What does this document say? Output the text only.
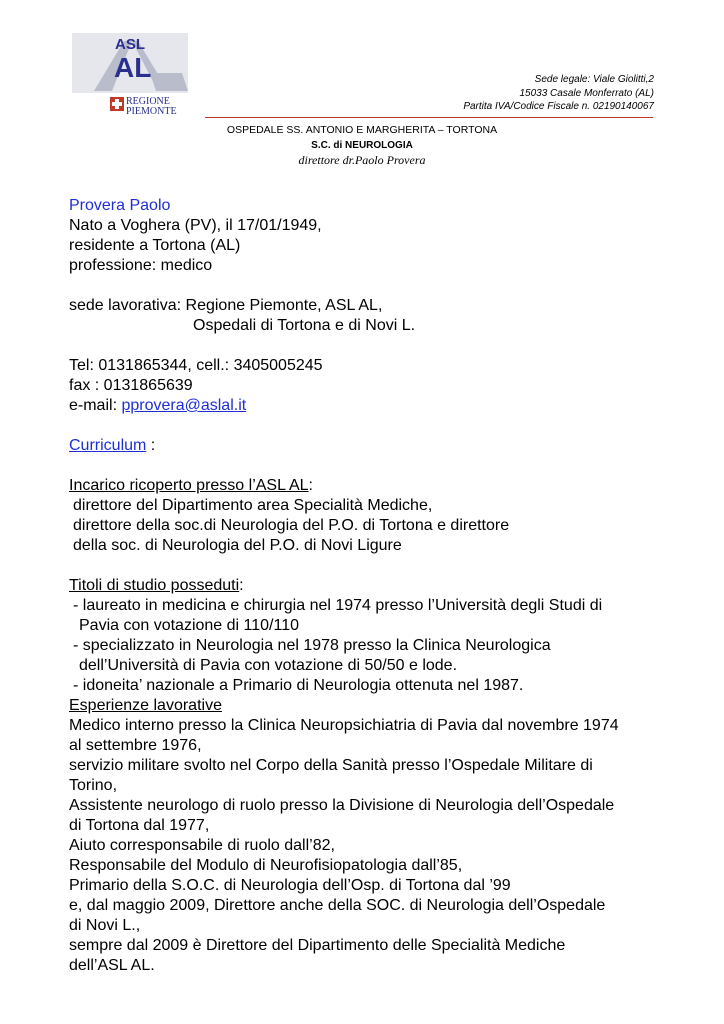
ASL
AL
REGIONE
PIEMONTE
Sede legale: Viale Giolitti,2
15033 Casale Monferrato (AL)
Partita IVA/Codice Fiscale n. 02190140067
OSPEDALE SS. ANTONIO E MARGHERITA – TORTONA
S.C. di NEUROLOGIA
direttore dr.Paolo Provera
Provera Paolo
Nato a Voghera (PV), il 17/01/1949,
residente a Tortona (AL)
professione: medico
sede lavorativa: Regione Piemonte, ASL AL,
Ospedali di Tortona e di Novi L.
Tel: 0131865344, cell.: 3405005245
fax : 0131865639
e-mail: pprovera@aslal.it
Curriculum :
Incarico ricoperto presso l’ASL AL:
direttore del Dipartimento area Specialità Mediche,
direttore della soc.di Neurologia del P.O. di Tortona e direttore
della soc. di Neurologia del P.O. di Novi Ligure
Titoli di studio posseduti:
- laureato in medicina e chirurgia nel 1974 presso l’Università degli Studi di
Pavia con votazione di 110/110
- specializzato in Neurologia nel 1978 presso la Clinica Neurologica
dell’Università di Pavia con votazione di 50/50 e lode.
- idoneita’ nazionale a Primario di Neurologia ottenuta nel 1987.
Esperienze lavorative
Medico interno presso la Clinica Neuropsichiatria di Pavia dal novembre 1974
al settembre 1976,
servizio militare svolto nel Corpo della Sanità presso l’Ospedale Militare di
Torino,
Assistente neurologo di ruolo presso la Divisione di Neurologia dell’Ospedale
di Tortona dal 1977,
Aiuto corresponsabile di ruolo dall’82,
Responsabile del Modulo di Neurofisiopatologia dall’85,
Primario della S.O.C. di Neurologia dell’Osp. di Tortona dal ’99
e, dal maggio 2009, Direttore anche della SOC. di Neurologia dell’Ospedale
di Novi L.,
sempre dal 2009 è Direttore del Dipartimento delle Specialità Mediche
dell’ASL AL.
